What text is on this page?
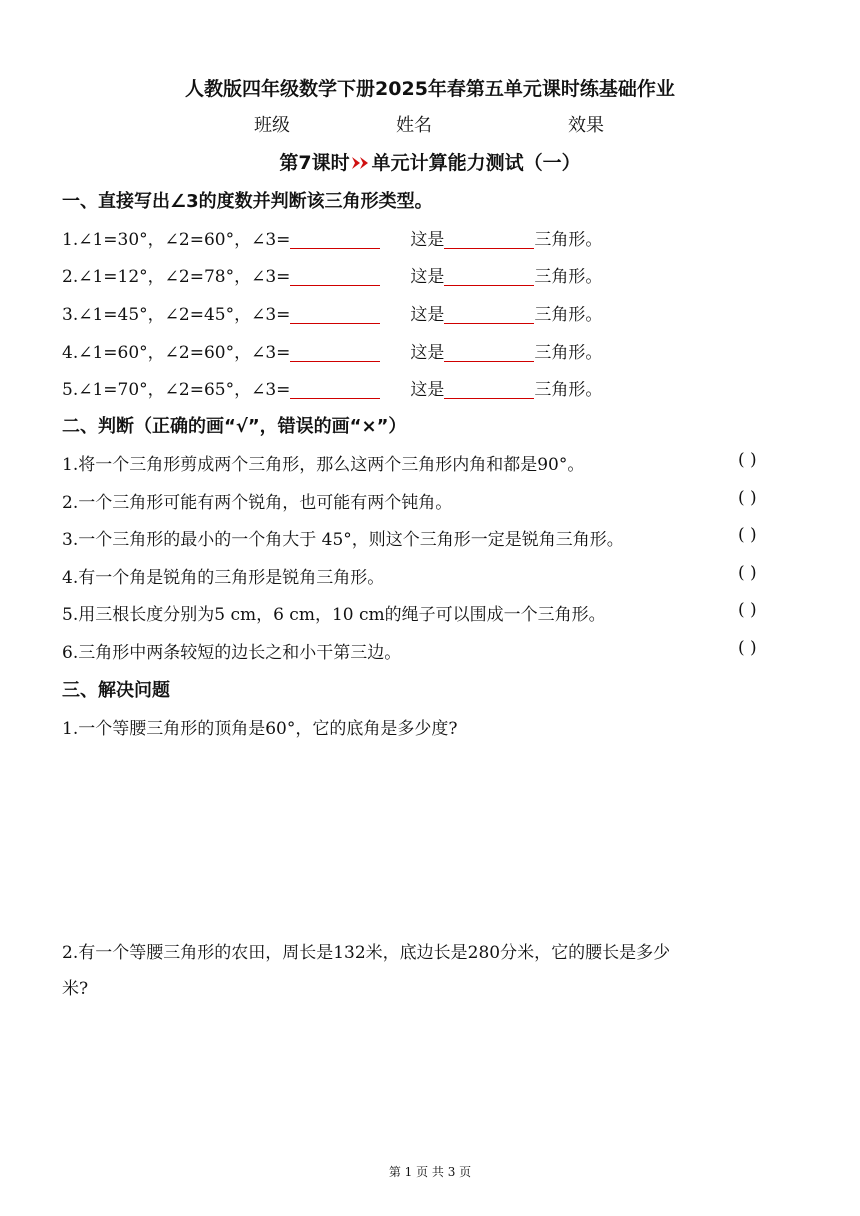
人教版四年级数学下册2025年春第五单元课时练基础作业
班级	姓名	效果
第7课时 单元计算能力测试（一）
一、直接写出∠3的度数并判断该三角形类型。
1.∠1=30°，∠2=60°，∠3=	这是	三角形。
2.∠1=12°，∠2=78°，∠3=	这是	三角形。
3.∠1=45°，∠2=45°，∠3=	这是	三角形。
4.∠1=60°，∠2=60°，∠3=	这是	三角形。
5.∠1=70°，∠2=65°，∠3=	这是	三角形。
二、判断（正确的画“√”，错误的画“×”）
1.将一个三角形剪成两个三角形，那么这两个三角形内角和都是90°。	( )
2.一个三角形可能有两个锐角，也可能有两个钝角。	( )
3.一个三角形的最小的一个角大于 45°，则这个三角形一定是锐角三角形。	( )
4.有一个角是锐角的三角形是锐角三角形。	( )
5.用三根长度分别为5 cm，6 cm，10 cm的绳子可以围成一个三角形。	( )
6.三角形中两条较短的边长之和小干第三边。	( )
三、解决问题
1.一个等腰三角形的顶角是60°，它的底角是多少度?
2.有一个等腰三角形的农田，周长是132米，底边长是280分米，它的腰长是多少
米?
第 1 页 共 3 页
